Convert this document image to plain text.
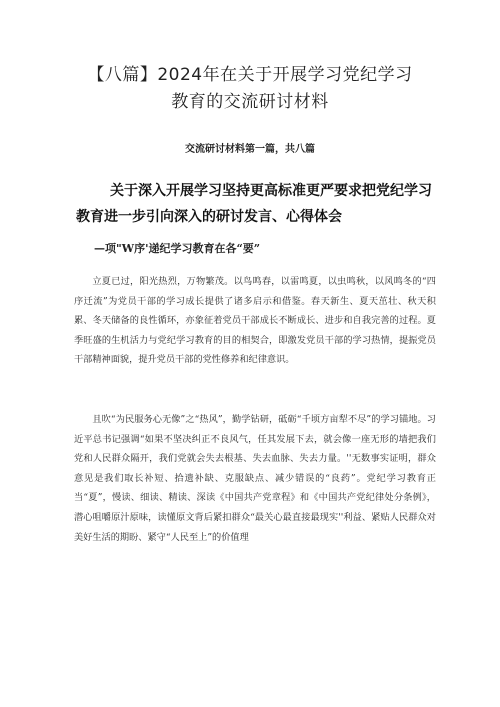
【八篇】2024年在关于开展学习党纪学习
教育的交流研讨材料

交流研讨材料第一篇，共八篇

关于深入开展学习坚持更高标准更严要求把党纪学习
教育进一步引向深入的研讨发言、心得体会

—项"W序'递纪学习教育在各“要”

立夏已过，阳光热烈，万物繁茂。以鸟鸣春，以雷鸣夏，以虫鸣秋，以风鸣冬的“四序迁流”为党员干部的学习成长提供了诸多启示和借鉴。春天新生、夏天茁壮、秋天积累、冬天储备的良性循环，亦象征着党员干部成长不断成长、进步和自我完善的过程。夏季旺盛的生机活力与党纪学习教育的目的相契合，即激发党员干部的学习热情，提振党员干部精神面貌，提升党员干部的党性修养和纪律意识。

且吹“为民服务心无像”之“热风”，勤学钻研，砥砺“千顷方亩犁不尽”的学习锚地。习近平总书记强调“如果不坚决纠正不良风气，任其发展下去，就会像一座无形的墙把我们党和人民群众隔开，我们党就会失去根基、失去血脉、失去力量。''无数事实证明，群众意见是我们取长补短、拾遗补缺、克服缺点、减少错误的“良药”。党纪学习教育正当“夏”，慢读、细读、精读、深读《中国共产党章程》和《中国共产党纪律处分条例》，潜心咀嚼原汁原味，读懂原文背后紧扣群众“最关心最直接最现实''利益、紧贴人民群众对美好生活的期盼、紧守“人民至上”的价值理
